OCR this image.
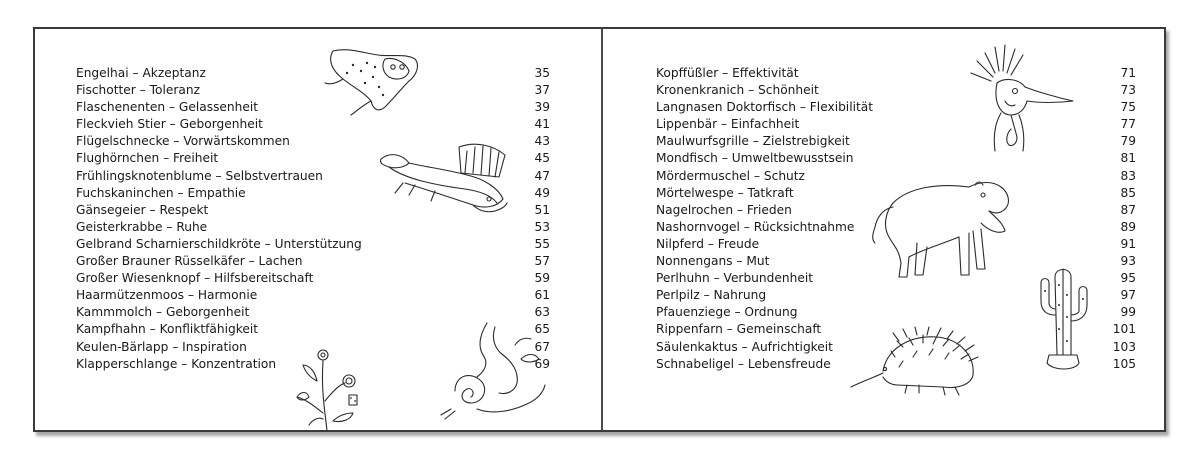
Engelhai – Akzeptanz	35
Fischotter – Toleranz	37
Flaschenenten – Gelassenheit	39
Fleckvieh Stier – Geborgenheit	41
Flügelschnecke – Vorwärtskommen	43
Flughörnchen – Freiheit	45
Frühlingsknotenblume – Selbstvertrauen	47
Fuchskaninchen – Empathie	49
Gänsegeier – Respekt	51
Geisterkrabbe – Ruhe	53
Gelbrand Scharnierschildkröte – Unterstützung	55
Großer Brauner Rüsselkäfer – Lachen	57
Großer Wiesenknopf – Hilfsbereitschaft	59
Haarmützenmoos – Harmonie	61
Kammmolch – Geborgenheit	63
Kampfhahn – Konfliktfähigkeit	65
Keulen-Bärlapp – Inspiration	67
Klapperschlange – Konzentration	69
Kopffüßler – Effektivität	71
Kronenkranich – Schönheit	73
Langnasen Doktorfisch – Flexibilität	75
Lippenbär – Einfachheit	77
Maulwurfsgrille – Zielstrebigkeit	79
Mondfisch – Umweltbewusstsein	81
Mördermuschel – Schutz	83
Mörtelwespe – Tatkraft	85
Nagelrochen – Frieden	87
Nashornvogel – Rücksichtnahme	89
Nilpferd – Freude	91
Nonnengans – Mut	93
Perlhuhn – Verbundenheit	95
Perlpilz – Nahrung	97
Pfauenziege – Ordnung	99
Rippenfarn – Gemeinschaft	101
Säulenkaktus – Aufrichtigkeit	103
Schnabeligel – Lebensfreude	105
